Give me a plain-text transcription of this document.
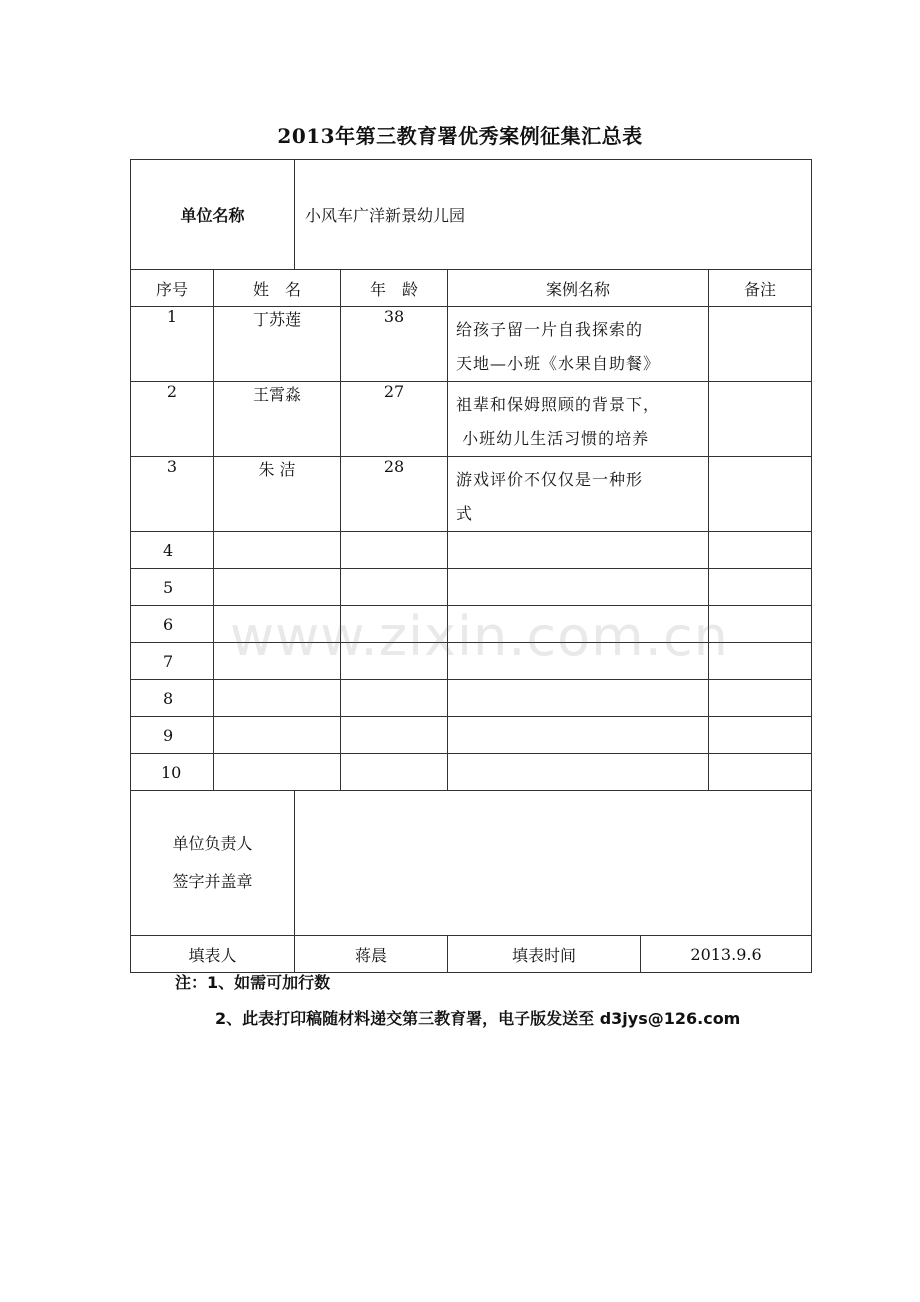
2013年第三教育署优秀案例征集汇总表
单位名称		小风车广洋新景幼儿园				
序号	姓　名		年　龄	案例名称		备注
1	丁苏莲		38	给孩子留一片自我探索的
天地—小班《水果自助餐》		

2	王霄淼		27	祖辈和保姆照顾的背景下，
小班幼儿生活习惯的培养		

3	朱 洁		28	游戏评价不仅仅是一种形
式		

4						
5						
6						
7						
8						
9						
10						

单位负责人
签字并盖章						

填表人		蒋晨		填表时间	2013.9.6	
www.zixin.com.cn
注：1、如需可加行数
2、此表打印稿随材料递交第三教育署，电子版发送至 d3jys@126.com
